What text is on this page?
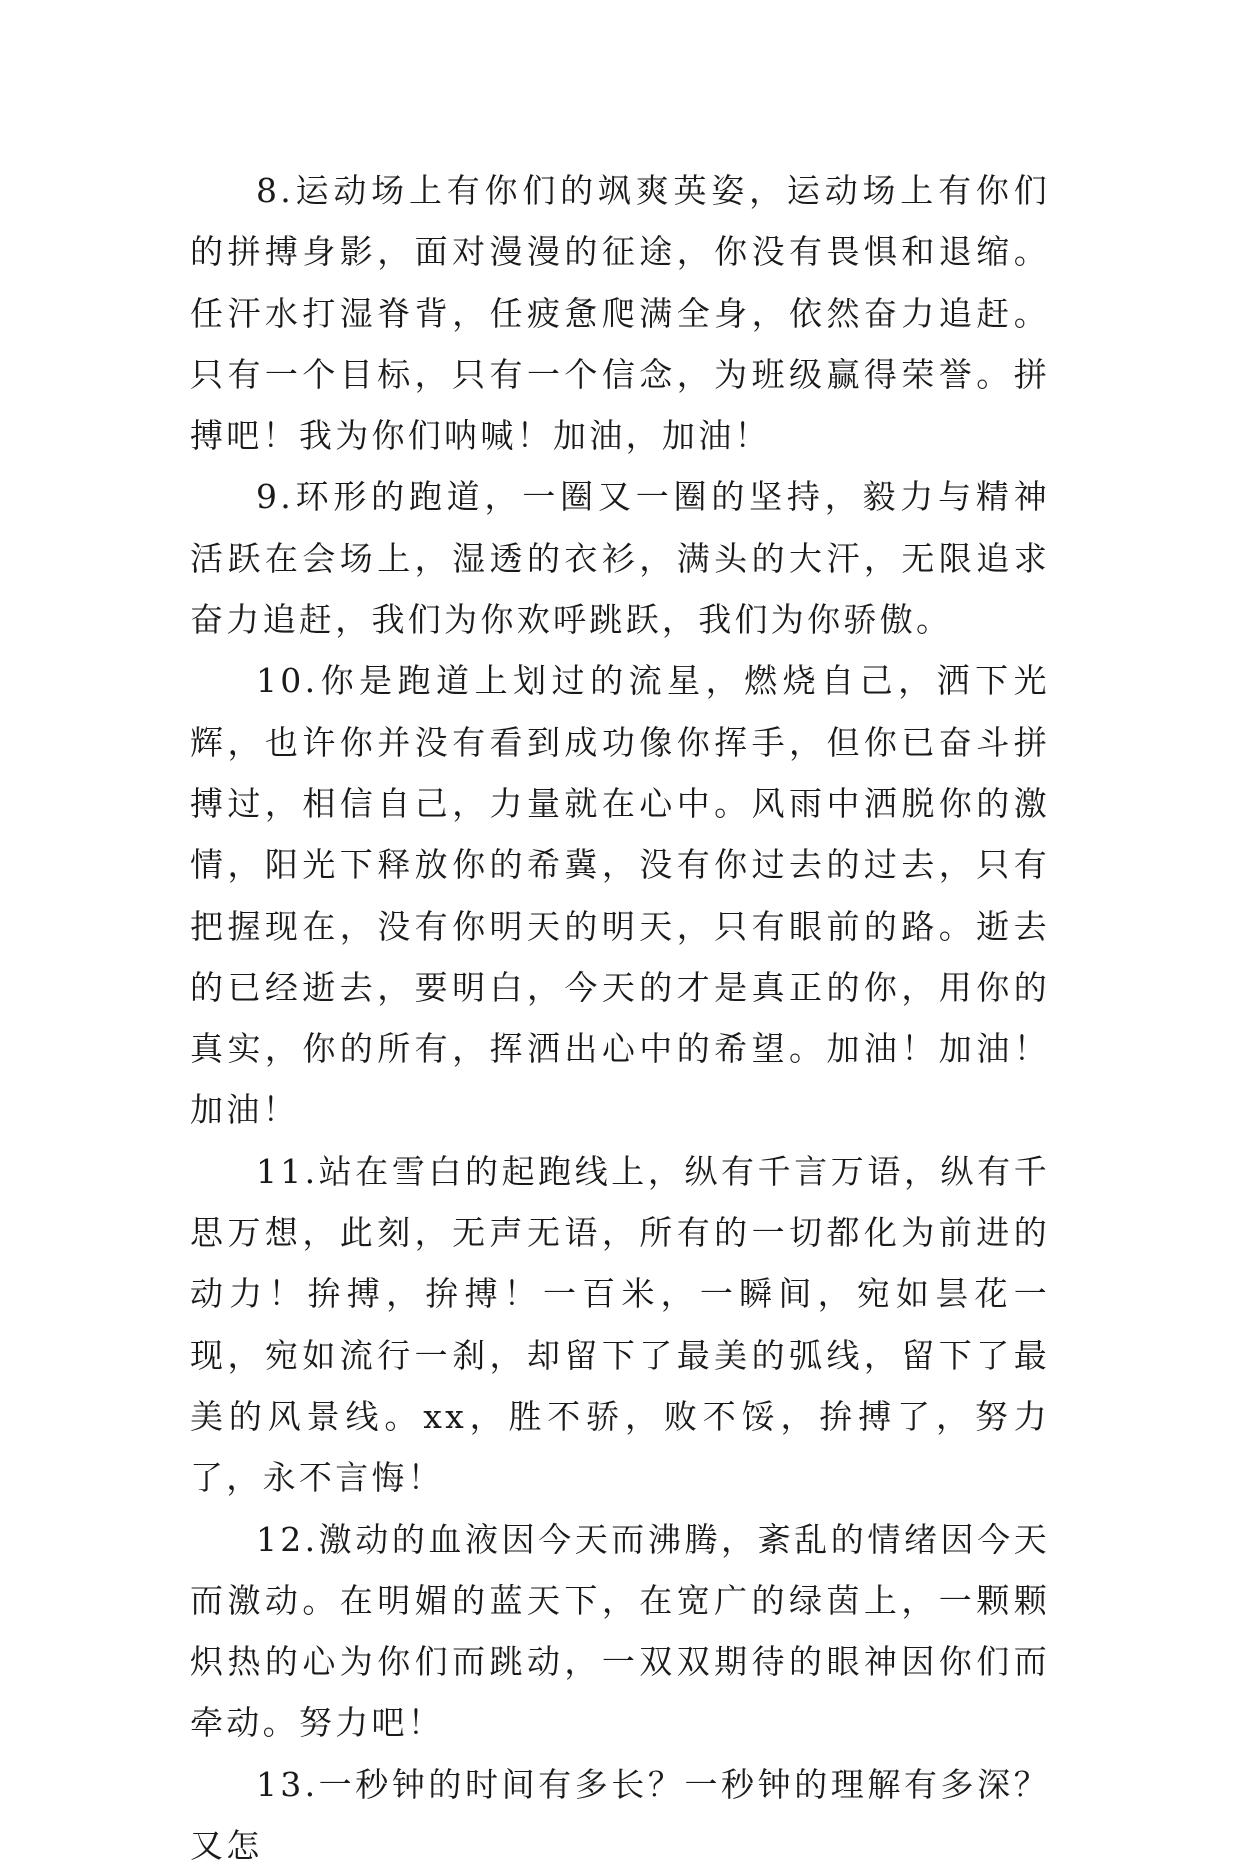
8.运动场上有你们的飒爽英姿，运动场上有你们的拼搏身影，面对漫漫的征途，你没有畏惧和退缩。任汗水打湿脊背，任疲惫爬满全身，依然奋力追赶。只有一个目标，只有一个信念，为班级赢得荣誉。拼搏吧！我为你们呐喊！加油，加油！

9.环形的跑道，一圈又一圈的坚持，毅力与精神活跃在会场上，湿透的衣衫，满头的大汗，无限追求奋力追赶，我们为你欢呼跳跃，我们为你骄傲。

10.你是跑道上划过的流星，燃烧自己，洒下光辉，也许你并没有看到成功像你挥手，但你已奋斗拼搏过，相信自己，力量就在心中。风雨中洒脱你的激情，阳光下释放你的希冀，没有你过去的过去，只有把握现在，没有你明天的明天，只有眼前的路。逝去的已经逝去，要明白，今天的才是真正的你，用你的真实，你的所有，挥洒出心中的希望。加油！加油！加油！

11.站在雪白的起跑线上，纵有千言万语，纵有千思万想，此刻，无声无语，所有的一切都化为前进的动力！拚搏，拚搏！一百米，一瞬间，宛如昙花一现，宛如流行一刹，却留下了最美的弧线，留下了最美的风景线。xx，胜不骄，败不馁，拚搏了，努力了，永不言悔！

12.激动的血液因今天而沸腾，紊乱的情绪因今天而激动。在明媚的蓝天下，在宽广的绿茵上，一颗颗炽热的心为你们而跳动，一双双期待的眼神因你们而牵动。努力吧！

13.一秒钟的时间有多长？一秒钟的理解有多深？又怎
